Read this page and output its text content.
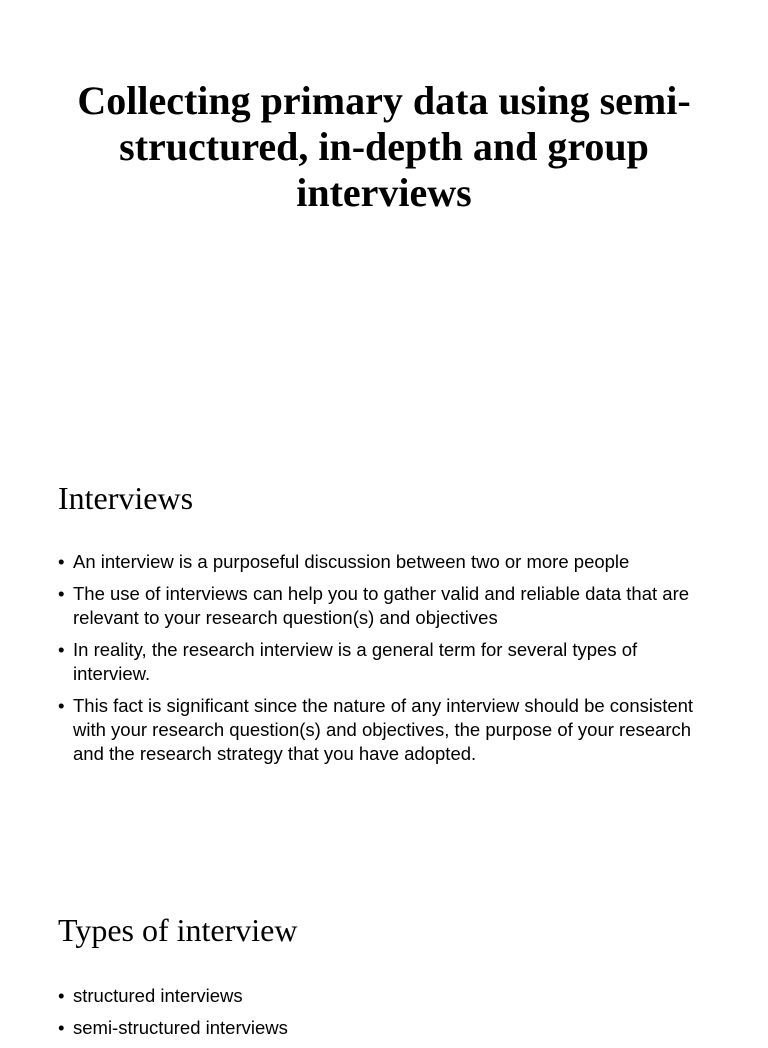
Collecting primary data using semi-structured, in-depth and group interviews
Interviews
• An interview is a purposeful discussion between two or more people
• The use of interviews can help you to gather valid and reliable data that are relevant to your research question(s) and objectives
• In reality, the research interview is a general term for several types of interview.
• This fact is significant since the nature of any interview should be consistent with your research question(s) and objectives, the purpose of your research and the research strategy that you have adopted.
Types of interview
• structured interviews
• semi-structured interviews
